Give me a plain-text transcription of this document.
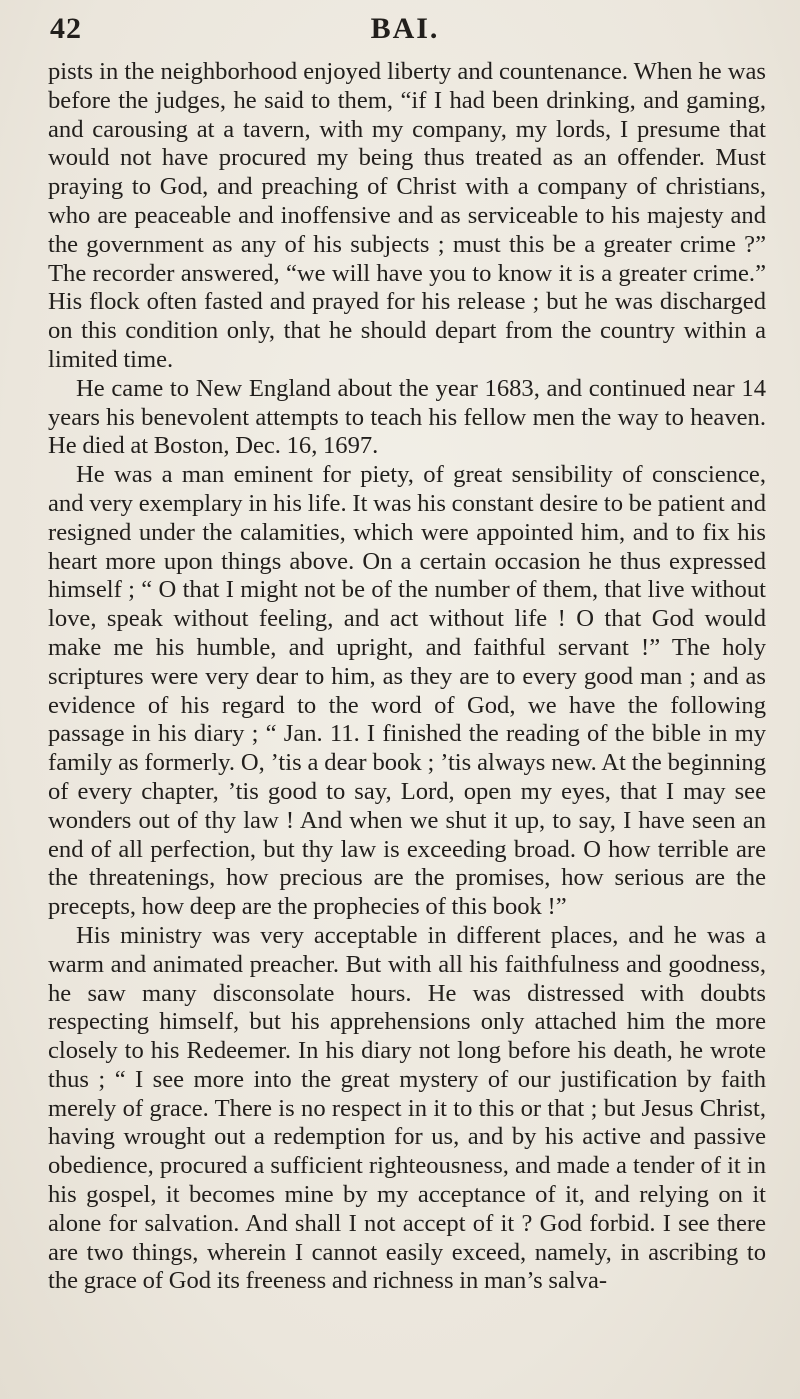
42	BAI.

pists in the neighborhood enjoyed liberty and countenance. When he was before the judges, he said to them, “if I had been drinking, and gaming, and carousing at a tavern, with my company, my lords, I presume that would not have procured my being thus treated as an offender. Must praying to God, and preaching of Christ with a company of christians, who are peaceable and inoffensive and as serviceable to his majesty and the government as any of his subjects ; must this be a greater crime ?” The recorder answered, “we will have you to know it is a greater crime.” His flock often fasted and prayed for his release ; but he was discharged on this condition only, that he should depart from the country within a limited time.

He came to New England about the year 1683, and continued near 14 years his benevolent attempts to teach his fellow men the way to heaven. He died at Boston, Dec. 16, 1697.

He was a man eminent for piety, of great sensibility of conscience, and very exemplary in his life. It was his constant desire to be patient and resigned under the calamities, which were appointed him, and to fix his heart more upon things above. On a certain occasion he thus expressed himself ; “ O that I might not be of the number of them, that live without love, speak without feeling, and act without life ! O that God would make me his humble, and upright, and faithful servant !” The holy scriptures were very dear to him, as they are to every good man ; and as evidence of his regard to the word of God, we have the following passage in his diary ; “ Jan. 11. I finished the reading of the bible in my family as formerly. O, ’tis a dear book ; ’tis always new. At the beginning of every chapter, ’tis good to say, Lord, open my eyes, that I may see wonders out of thy law ! And when we shut it up, to say, I have seen an end of all perfection, but thy law is exceeding broad. O how terrible are the threatenings, how precious are the promises, how serious are the precepts, how deep are the prophecies of this book !”

His ministry was very acceptable in different places, and he was a warm and animated preacher. But with all his faithfulness and goodness, he saw many disconsolate hours. He was distressed with doubts respecting himself, but his apprehensions only attached him the more closely to his Redeemer. In his diary not long before his death, he wrote thus ; “ I see more into the great mystery of our justification by faith merely of grace. There is no respect in it to this or that ; but Jesus Christ, having wrought out a redemption for us, and by his active and passive obedience, procured a sufficient righteousness, and made a tender of it in his gospel, it becomes mine by my acceptance of it, and relying on it alone for salvation. And shall I not accept of it ? God forbid. I see there are two things, wherein I cannot easily exceed, namely, in ascribing to the grace of God its freeness and richness in man’s salva-
